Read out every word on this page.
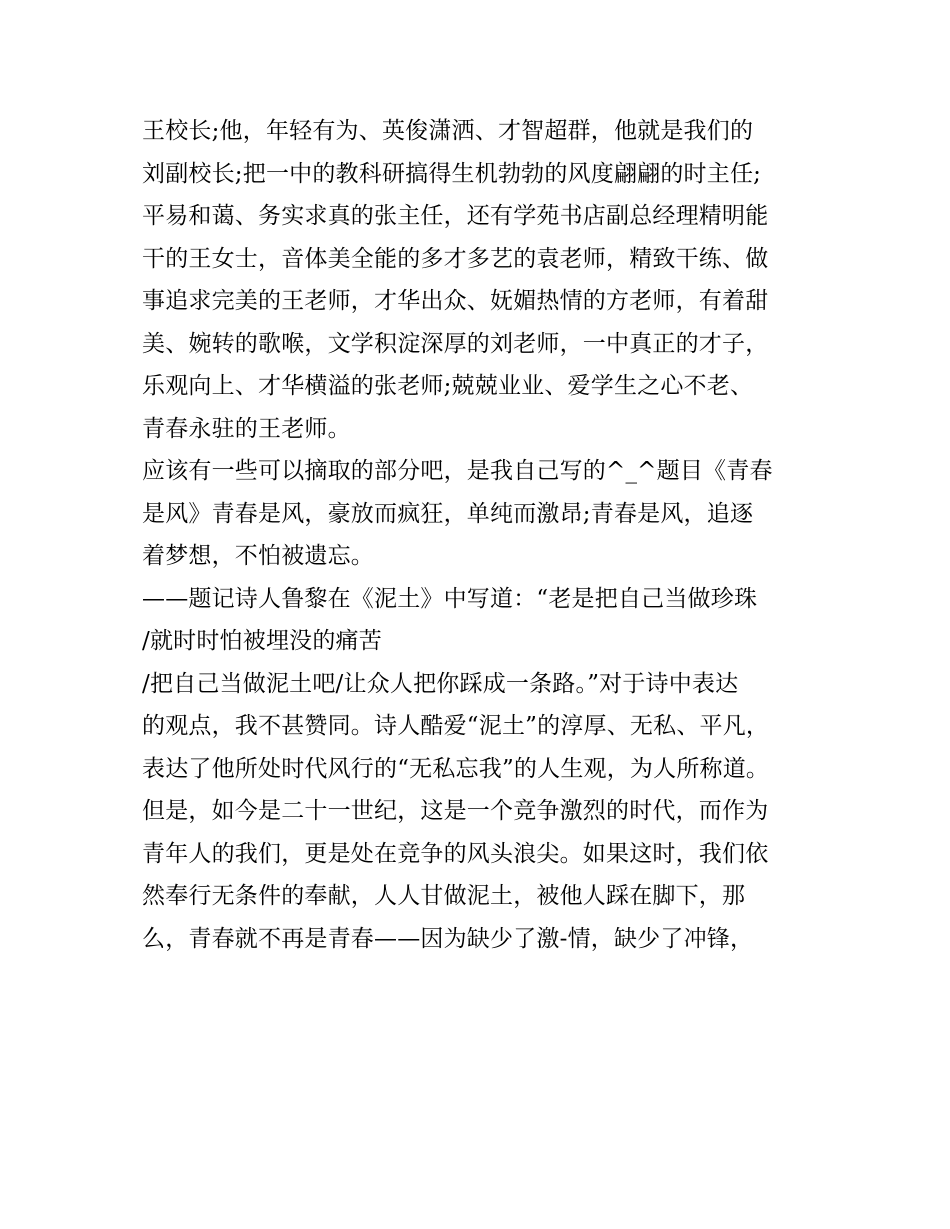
王校长;他，年轻有为、英俊潇洒、才智超群，他就是我们的
刘副校长;把一中的教科研搞得生机勃勃的风度翩翩的时主任;
平易和蔼、务实求真的张主任，还有学苑书店副总经理精明能
干的王女士，音体美全能的多才多艺的袁老师，精致干练、做
事追求完美的王老师，才华出众、妩媚热情的方老师，有着甜
美、婉转的歌喉，文学积淀深厚的刘老师，一中真正的才子，
乐观向上、才华横溢的张老师;兢兢业业、爱学生之心不老、
青春永驻的王老师。
应该有一些可以摘取的部分吧，是我自己写的^_^题目《青春
是风》青春是风，豪放而疯狂，单纯而激昂;青春是风，追逐
着梦想，不怕被遗忘。
——题记诗人鲁黎在《泥土》中写道：“老是把自己当做珍珠
/就时时怕被埋没的痛苦
/把自己当做泥土吧/让众人把你踩成一条路。”对于诗中表达
的观点，我不甚赞同。诗人酷爱“泥土”的淳厚、无私、平凡，
表达了他所处时代风行的“无私忘我”的人生观，为人所称道。
但是，如今是二十一世纪，这是一个竞争激烈的时代，而作为
青年人的我们，更是处在竞争的风头浪尖。如果这时，我们依
然奉行无条件的奉献，人人甘做泥土，被他人踩在脚下，那
么，青春就不再是青春——因为缺少了激-情，缺少了冲锋，
